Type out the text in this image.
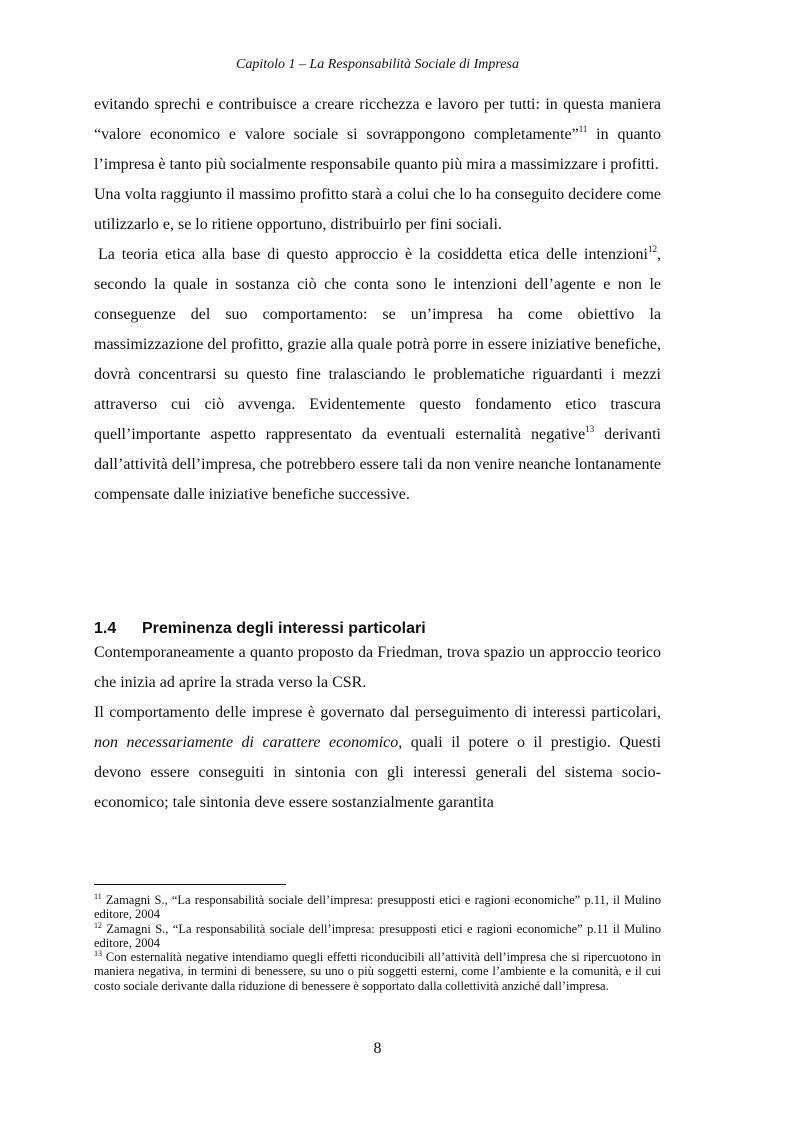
Capitolo 1 – La Responsabilità Sociale di Impresa

evitando sprechi e contribuisce a creare ricchezza e lavoro per tutti: in questa maniera “valore economico e valore sociale si sovrappongono completamente”$^{11}$ in quanto l’impresa è tanto più socialmente responsabile quanto più mira a massimizzare i profitti.

Una volta raggiunto il massimo profitto starà a colui che lo ha conseguito decidere come utilizzarlo e, se lo ritiene opportuno, distribuirlo per fini sociali.

La teoria etica alla base di questo approccio è la cosiddetta etica delle intenzioni$^{12}$, secondo la quale in sostanza ciò che conta sono le intenzioni dell’agente e non le conseguenze del suo comportamento: se un’impresa ha come obiettivo la massimizzazione del profitto, grazie alla quale potrà porre in essere iniziative benefiche, dovrà concentrarsi su questo fine tralasciando le problematiche riguardanti i mezzi attraverso cui ciò avvenga. Evidentemente questo fondamento etico trascura quell’importante aspetto rappresentato da eventuali esternalità negative$^{13}$ derivanti dall’attività dell’impresa, che potrebbero essere tali da non venire neanche lontanamente compensate dalle iniziative benefiche successive.

1.4	Preminenza degli interessi particolari

Contemporaneamente a quanto proposto da Friedman, trova spazio un approccio teorico che inizia ad aprire la strada verso la CSR.

Il comportamento delle imprese è governato dal perseguimento di interessi particolari, non necessariamente di carattere economico, quali il potere o il prestigio. Questi devono essere conseguiti in sintonia con gli interessi generali del sistema socio-economico; tale sintonia deve essere sostanzialmente garantita

$^{11}$ Zamagni S., “La responsabilità sociale dell’impresa: presupposti etici e ragioni economiche” p.11, il Mulino editore, 2004

$^{12}$ Zamagni S., “La responsabilità sociale dell’impresa: presupposti etici e ragioni economiche” p.11 il Mulino editore, 2004

$^{13}$ Con esternalità negative intendiamo quegli effetti riconducibili all’attività dell’impresa che si ripercuotono in maniera negativa, in termini di benessere, su uno o più soggetti esterni, come l’ambiente e la comunità, e il cui costo sociale derivante dalla riduzione di benessere è sopportato dalla collettività anziché dall’impresa.

8
